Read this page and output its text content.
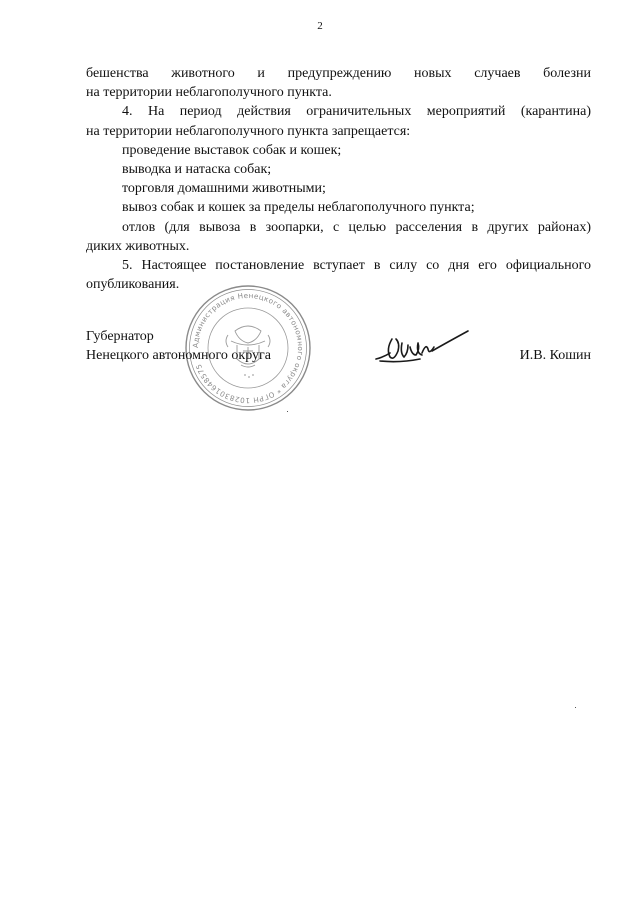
2

бешенства животного и предупреждению новых случаев болезни

на территории неблагополучного пункта.

4. На период действия ограничительных мероприятий (карантина)

на территории неблагополучного пункта запрещается:

проведение выставок собак и кошек;

выводка и натаска собак;

торговля домашними животными;

вывоз собак и кошек за пределы неблагополучного пункта;

отлов (для вывоза в зоопарки, с целью расселения в других районах)

диких животных.

5. Настоящее постановление вступает в силу со дня его официального

опубликования.

Администрация Ненецкого автономного округа * ОГРН 1028301648575
Губернатор
Ненецкого автономного округа	И.В. Кошин
